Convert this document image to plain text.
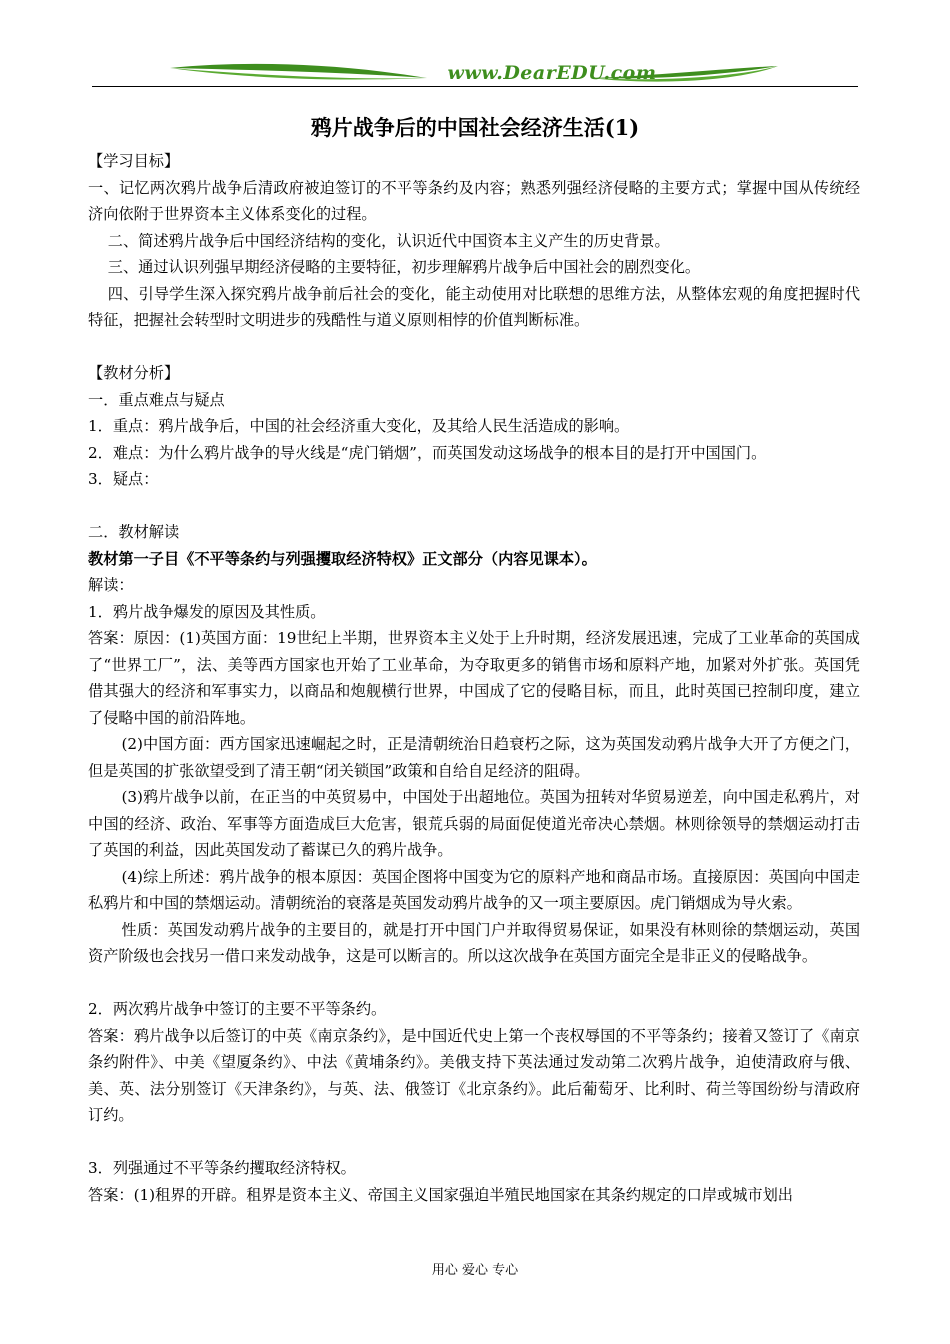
www.DearEDU.com
鸦片战争后的中国社会经济生活(1)

【学习目标】

一、记忆两次鸦片战争后清政府被迫签订的不平等条约及内容；熟悉列强经济侵略的主要方式；掌握中国从传统经济向依附于世界资本主义体系变化的过程。

二、简述鸦片战争后中国经济结构的变化，认识近代中国资本主义产生的历史背景。

三、通过认识列强早期经济侵略的主要特征，初步理解鸦片战争后中国社会的剧烈变化。

四、引导学生深入探究鸦片战争前后社会的变化，能主动使用对比联想的思维方法，从整体宏观的角度把握时代特征，把握社会转型时文明进步的残酷性与道义原则相悖的价值判断标准。

【教材分析】

一．重点难点与疑点

1．重点：鸦片战争后，中国的社会经济重大变化，及其给人民生活造成的影响。

2．难点：为什么鸦片战争的导火线是“虎门销烟”，而英国发动这场战争的根本目的是打开中国国门。

3．疑点：

二．教材解读

教材第一子目《不平等条约与列强攫取经济特权》正文部分（内容见课本）。

解读：

1．鸦片战争爆发的原因及其性质。

答案：原因：(1)英国方面：19世纪上半期，世界资本主义处于上升时期，经济发展迅速，完成了工业革命的英国成了“世界工厂”，法、美等西方国家也开始了工业革命，为夺取更多的销售市场和原料产地，加紧对外扩张。英国凭借其强大的经济和军事实力，以商品和炮舰横行世界，中国成了它的侵略目标，而且，此时英国已控制印度，建立了侵略中国的前沿阵地。

(2)中国方面：西方国家迅速崛起之时，正是清朝统治日趋衰朽之际，这为英国发动鸦片战争大开了方便之门，但是英国的扩张欲望受到了清王朝“闭关锁国”政策和自给自足经济的阻碍。

(3)鸦片战争以前，在正当的中英贸易中，中国处于出超地位。英国为扭转对华贸易逆差，向中国走私鸦片，对中国的经济、政治、军事等方面造成巨大危害，银荒兵弱的局面促使道光帝决心禁烟。林则徐领导的禁烟运动打击了英国的利益，因此英国发动了蓄谋已久的鸦片战争。

(4)综上所述：鸦片战争的根本原因：英国企图将中国变为它的原料产地和商品市场。直接原因：英国向中国走私鸦片和中国的禁烟运动。清朝统治的衰落是英国发动鸦片战争的又一项主要原因。虎门销烟成为导火索。

性质：英国发动鸦片战争的主要目的，就是打开中国门户并取得贸易保证，如果没有林则徐的禁烟运动，英国资产阶级也会找另一借口来发动战争，这是可以断言的。所以这次战争在英国方面完全是非正义的侵略战争。

2．两次鸦片战争中签订的主要不平等条约。

答案：鸦片战争以后签订的中英《南京条约》，是中国近代史上第一个丧权辱国的不平等条约；接着又签订了《南京条约附件》、中美《望厦条约》、中法《黄埔条约》。美俄支持下英法通过发动第二次鸦片战争，迫使清政府与俄、美、英、法分别签订《天津条约》，与英、法、俄签订《北京条约》。此后葡萄牙、比利时、荷兰等国纷纷与清政府订约。

3．列强通过不平等条约攫取经济特权。

答案：(1)租界的开辟。租界是资本主义、帝国主义国家强迫半殖民地国家在其条约规定的口岸或城市划出

用心 爱心 专心
